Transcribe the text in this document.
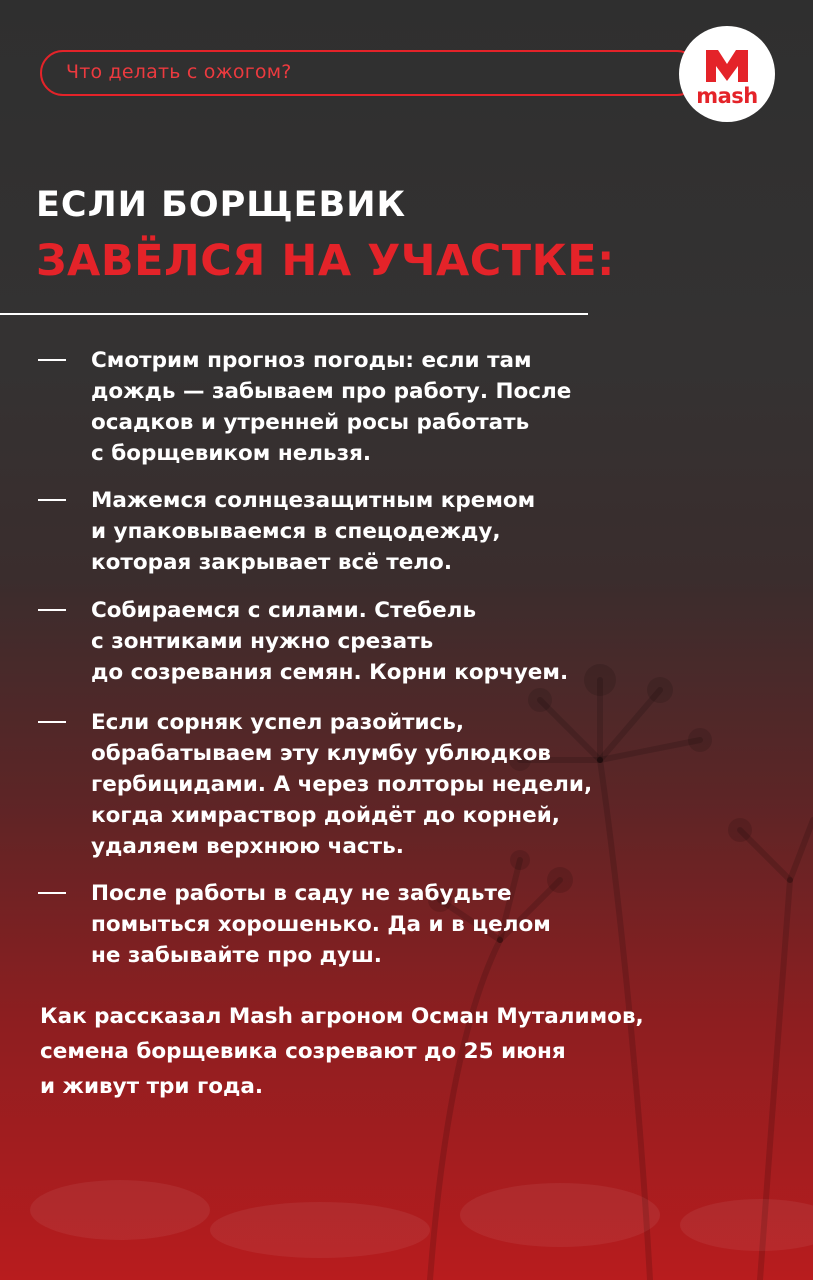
Что делать с ожогом?
mash
ЕСЛИ БОРЩЕВИК
ЗАВЁЛСЯ НА УЧАСТКЕ:
Смотрим прогноз погоды: если там
дождь — забываем про работу. После
осадков и утренней росы работать
с борщевиком нельзя.
Мажемся солнцезащитным кремом
и упаковываемся в спецодежду,
которая закрывает всё тело.
Собираемся с силами. Стебель
с зонтиками нужно срезать
до созревания семян. Корни корчуем.
Если сорняк успел разойтись,
обрабатываем эту клумбу ублюдков
гербицидами. А через полторы недели,
когда химраствор дойдёт до корней,
удаляем верхнюю часть.
После работы в саду не забудьте
помыться хорошенько. Да и в целом
не забывайте про душ.
Как рассказал Mash агроном Осман Муталимов,
семена борщевика созревают до 25 июня
и живут три года.
